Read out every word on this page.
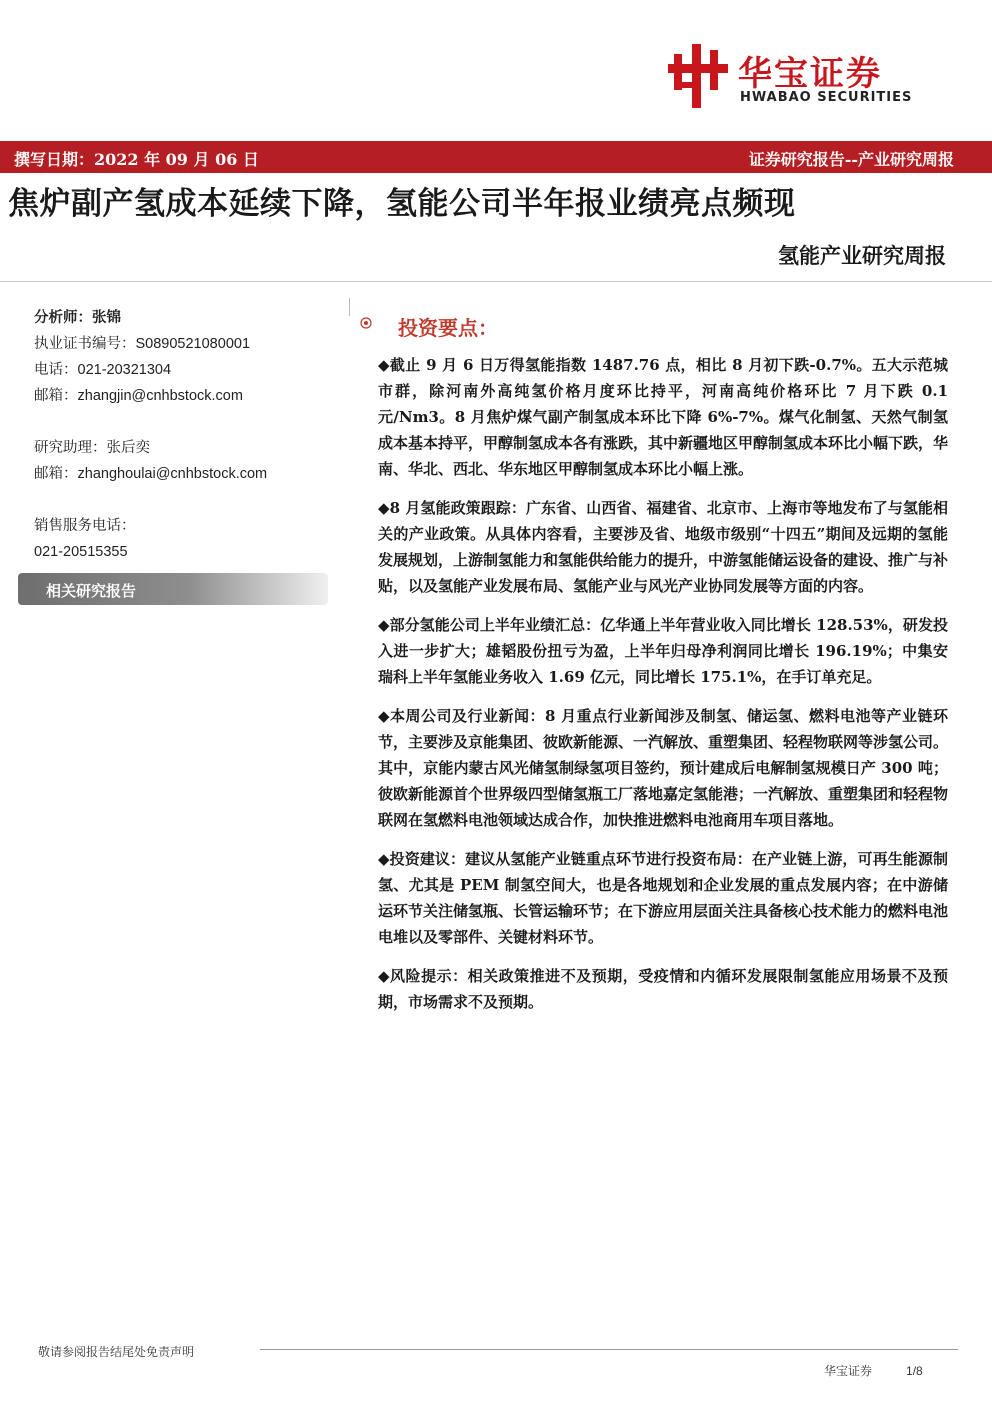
华宝证券
HWABAO SECURITIES
撰写日期：2022 年 09 月 06 日	证券研究报告--产业研究周报
焦炉副产氢成本延续下降，氢能公司半年报业绩亮点频现
氢能产业研究周报
分析师：张锦
执业证书编号：S0890521080001
电话：021-20321304
邮箱：zhangjin@cnhbstock.com
研究助理：张后奕
邮箱：zhanghoulai@cnhbstock.com
销售服务电话：
021-20515355
相关研究报告
投资要点：

◆截止 9 月 6 日万得氢能指数 1487.76 点，相比 8 月初下跌-0.7%。五大示范城市群，除河南外高纯氢价格月度环比持平，河南高纯价格环比 7 月下跌 0.1 元/Nm3。8 月焦炉煤气副产制氢成本环比下降 6%-7%。煤气化制氢、天然气制氢成本基本持平，甲醇制氢成本各有涨跌，其中新疆地区甲醇制氢成本环比小幅下跌，华南、华北、西北、华东地区甲醇制氢成本环比小幅上涨。

◆8 月氢能政策跟踪：广东省、山西省、福建省、北京市、上海市等地发布了与氢能相关的产业政策。从具体内容看，主要涉及省、地级市级别“十四五”期间及远期的氢能发展规划，上游制氢能力和氢能供给能力的提升，中游氢能储运设备的建设、推广与补贴，以及氢能产业发展布局、氢能产业与风光产业协同发展等方面的内容。

◆部分氢能公司上半年业绩汇总：亿华通上半年营业收入同比增长 128.53%，研发投入进一步扩大；雄韬股份扭亏为盈，上半年归母净利润同比增长 196.19%；中集安瑞科上半年氢能业务收入 1.69 亿元，同比增长 175.1%，在手订单充足。

◆本周公司及行业新闻：8 月重点行业新闻涉及制氢、储运氢、燃料电池等产业链环节，主要涉及京能集团、彼欧新能源、一汽解放、重塑集团、轻程物联网等涉氢公司。其中，京能内蒙古风光储氢制绿氢项目签约，预计建成后电解制氢规模日产 300 吨；彼欧新能源首个世界级四型储氢瓶工厂落地嘉定氢能港；一汽解放、重塑集团和轻程物联网在氢燃料电池领域达成合作，加快推进燃料电池商用车项目落地。

◆投资建议：建议从氢能产业链重点环节进行投资布局：在产业链上游，可再生能源制氢、尤其是 PEM 制氢空间大，也是各地规划和企业发展的重点发展内容；在中游储运环节关注储氢瓶、长管运输环节；在下游应用层面关注具备核心技术能力的燃料电池电堆以及零部件、关键材料环节。

◆风险提示：相关政策推进不及预期，受疫情和内循环发展限制氢能应用场景不及预期，市场需求不及预期。

敬请参阅报告结尾处免责声明
华宝证券	1/8
